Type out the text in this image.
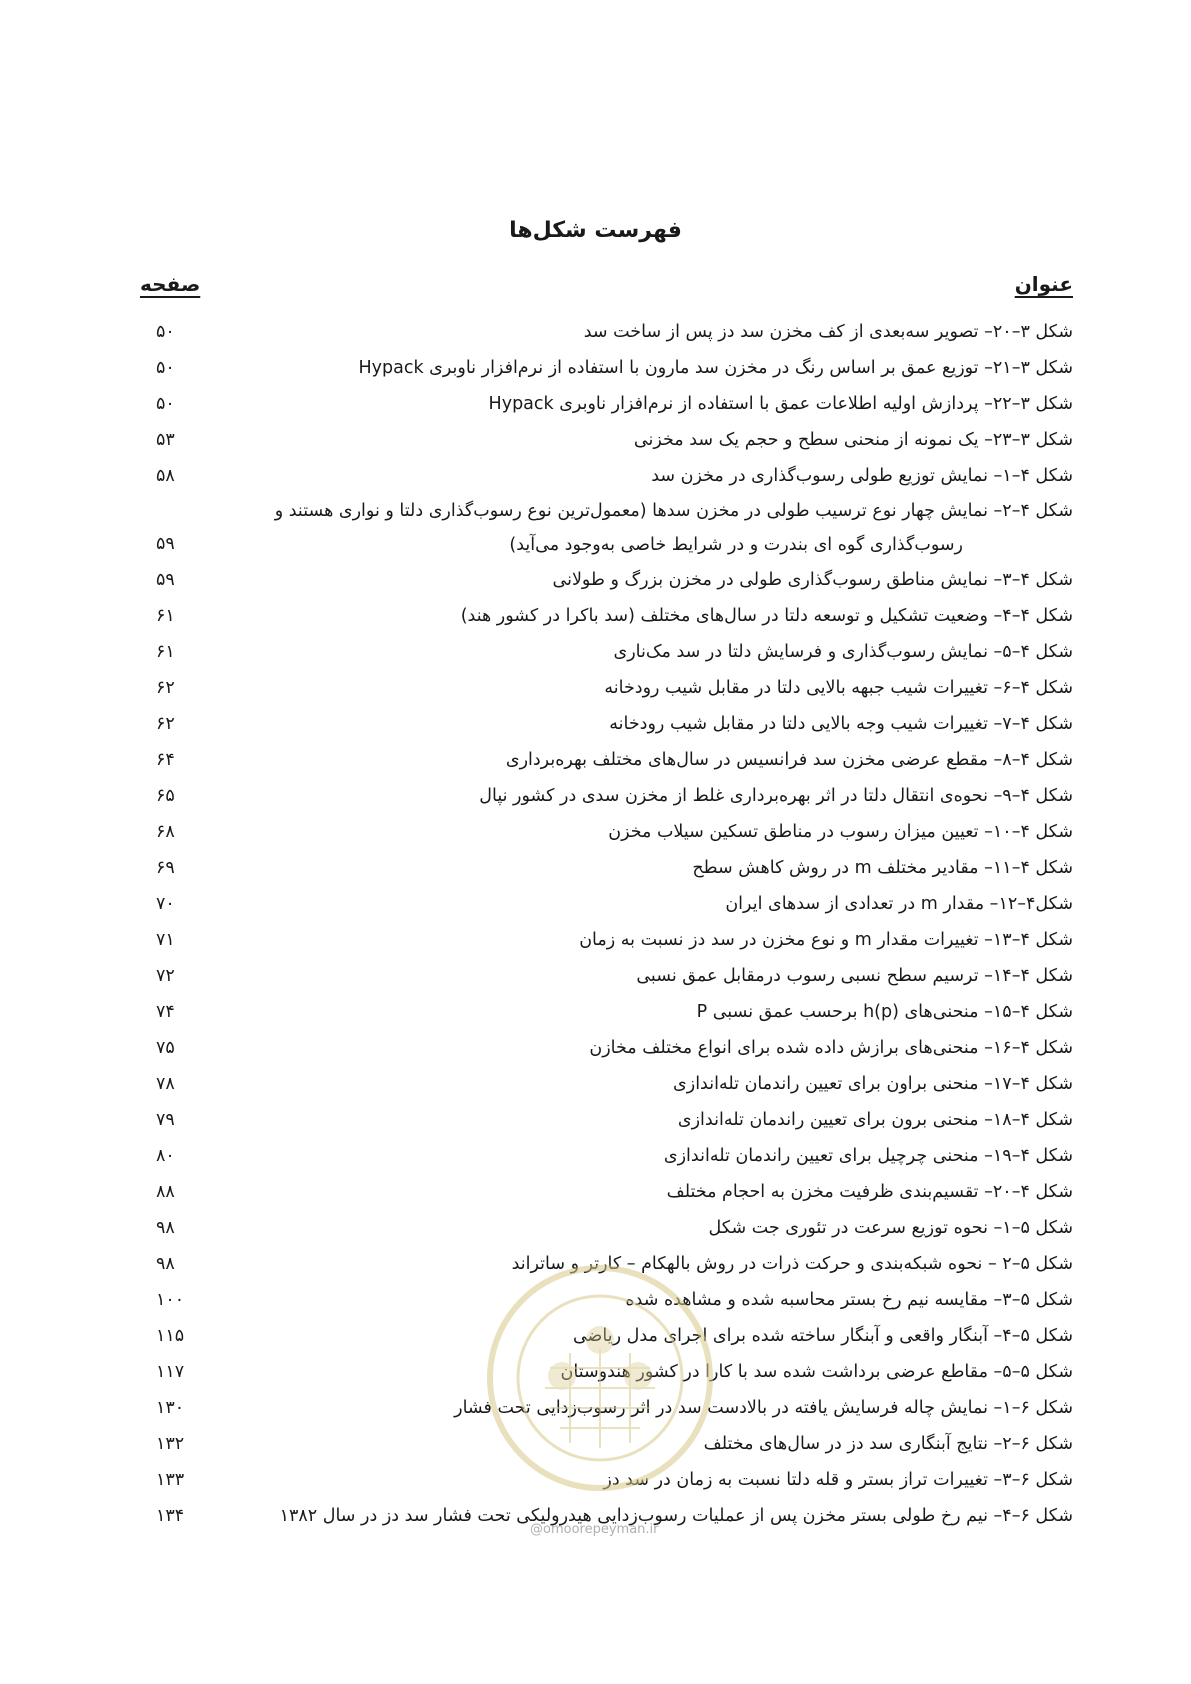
فهرست شکل‌ها
عنوان
صفحه
شکل ۳–۲۰– تصویر سه‌بعدی از کف مخزن سد دز پس از ساخت سد
۵۰
شکل ۳–۲۱– توزیع عمق بر اساس رنگ در مخزن سد مارون با استفاده از نرم‌افزار ناوبری Hypack
۵۰
شکل ۳–۲۲– پردازش اولیه اطلاعات عمق با استفاده از نرم‌افزار ناوبری Hypack
۵۰
شکل ۳–۲۳– یک نمونه از منحنی سطح و حجم یک سد مخزنی
۵۳
شکل ۴–۱– نمایش توزیع طولی رسوب‌گذاری در مخزن سد
۵۸
شکل ۴–۲– نمایش چهار نوع ترسیب طولی در مخزن سدها (معمول‌ترین نوع رسوب‌گذاری دلتا و نواری هستند و
رسوب‌گذاری گوه ای بندرت و در شرایط خاصی به‌وجود می‌آید)
۵۹
شکل ۴–۳– نمایش مناطق رسوب‌گذاری طولی در مخزن بزرگ و طولانی
۵۹
شکل ۴–۴– وضعیت تشکیل و توسعه دلتا در سال‌های مختلف (سد باکرا در کشور هند)
۶۱
شکل ۴–۵– نمایش رسوب‌گذاری و فرسایش دلتا در سد مک‌ناری
۶۱
شکل ۴–۶– تغییرات شیب جبهه بالایی دلتا در مقابل شیب رودخانه
۶۲
شکل ۴–۷– تغییرات شیب وجه بالایی دلتا در مقابل شیب رودخانه
۶۲
شکل ۴–۸– مقطع عرضی مخزن سد فرانسیس در سال‌های مختلف بهره‌برداری
۶۴
شکل ۴–۹– نحوه‌ی انتقال دلتا در اثر بهره‌برداری غلط از مخزن سدی در کشور نپال
۶۵
شکل ۴–۱۰– تعیین میزان رسوب در مناطق تسکین سیلاب مخزن
۶۸
شکل ۴–۱۱– مقادیر مختلف m در روش کاهش سطح
۶۹
شکل۴–۱۲– مقدار m در تعدادی از سدهای ایران
۷۰
شکل ۴–۱۳– تغییرات مقدار m و نوع مخزن در سد دز نسبت به زمان
۷۱
شکل ۴–۱۴– ترسیم سطح نسبی رسوب درمقابل عمق نسبی
۷۲
شکل ۴–۱۵– منحنی‌های h(p) برحسب عمق نسبی P
۷۴
شکل ۴–۱۶– منحنی‌های برازش داده شده برای انواع مختلف مخازن
۷۵
شکل ۴–۱۷– منحنی براون برای تعیین راندمان تله‌اندازی
۷۸
شکل ۴–۱۸– منحنی برون برای تعیین راندمان تله‌اندازی
۷۹
شکل ۴–۱۹– منحنی چرچیل برای تعیین راندمان تله‌اندازی
۸۰
شکل ۴–۲۰– تقسیم‌بندی ظرفیت مخزن به احجام مختلف
۸۸
شکل ۵–۱– نحوه توزیع سرعت در تئوری جت شکل
۹۸
شکل ۵–۲ – نحوه شبکه‌بندی و حرکت ذرات در روش بالهکام – کارتر و ساتراند
۹۸
شکل ۵–۳– مقایسه نیم رخ بستر محاسبه شده و مشاهده شده
۱۰۰
شکل ۵–۴– آبنگار واقعی و آبنگار ساخته شده برای اجرای مدل ریاضی
۱۱۵
شکل ۵–۵– مقاطع عرضی برداشت شده سد با کارا در کشور هندوستان
۱۱۷
شکل ۶–۱– نمایش چاله فرسایش یافته در بالادست سد در اثر رسوب‌زدایی تحت فشار
۱۳۰
شکل ۶–۲– نتایج آبنگاری سد دز در سال‌های مختلف
۱۳۲
شکل ۶–۳– تغییرات تراز بستر و قله دلتا نسبت به زمان در سد دز
۱۳۳
شکل ۶–۴– نیم رخ طولی بستر مخزن پس از عملیات رسوب‌زدایی هیدرولیکی تحت فشار سد دز در سال ۱۳۸۲
۱۳۴
@omoorepeyman.ir
